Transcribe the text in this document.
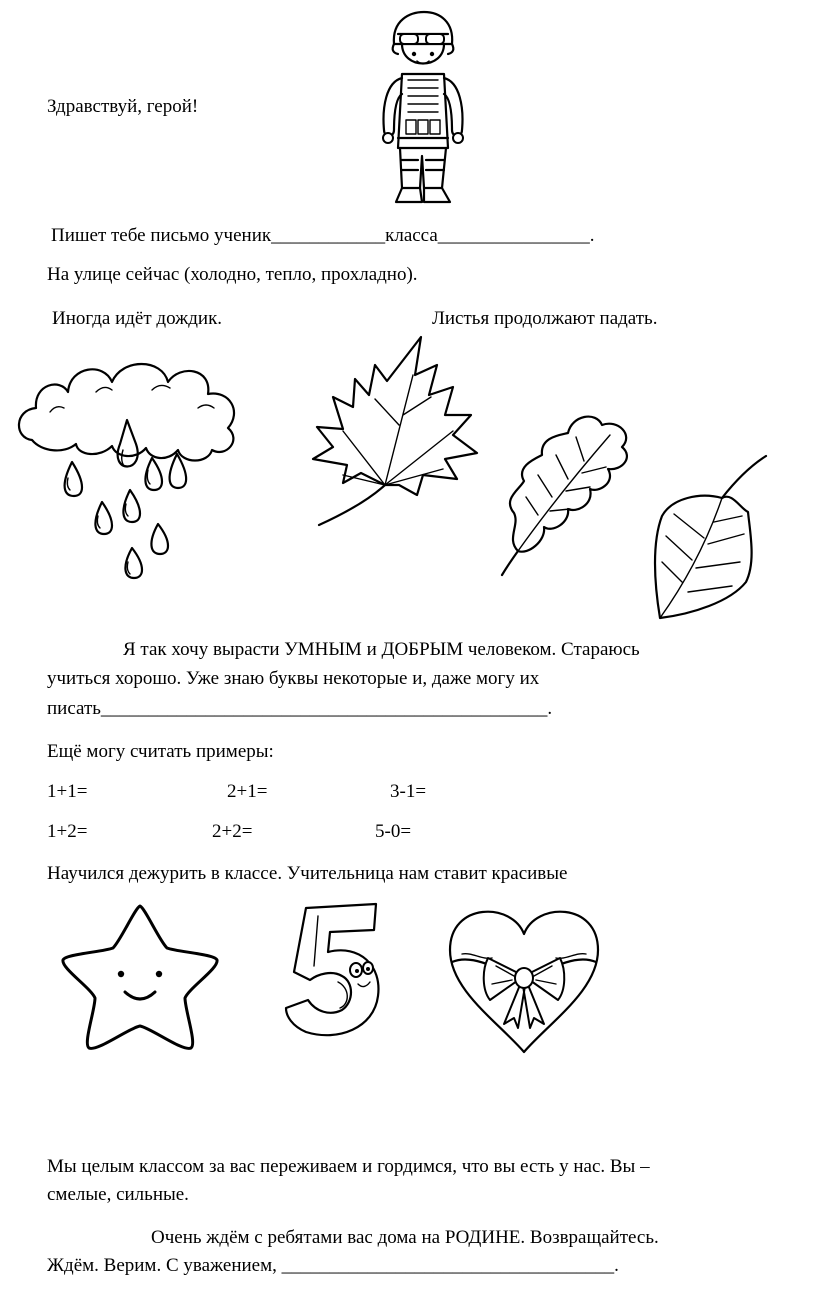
Здравствуй, герой!
Пишет тебе письмо ученик____________класса________________.
На улице сейчас (холодно, тепло, прохладно).
Иногда идёт дождик.	Листья продолжают падать.
Я так хочу вырасти УМНЫМ и ДОБРЫМ человеком. Стараюсь
учиться хорошо. Уже знаю буквы некоторые и, даже могу их
писать_______________________________________________.
Ещё могу считать примеры:
1+1=	2+1=	3-1=
1+2=	2+2=	5-0=
Научился дежурить в классе. Учительница нам ставит красивые
Мы целым классом за вас переживаем и гордимся, что вы есть у нас. Вы –
смелые, сильные.
Очень ждём с ребятами вас дома на РОДИНЕ. Возвращайтесь.
Ждём. Верим. С уважением, ___________________________________.
